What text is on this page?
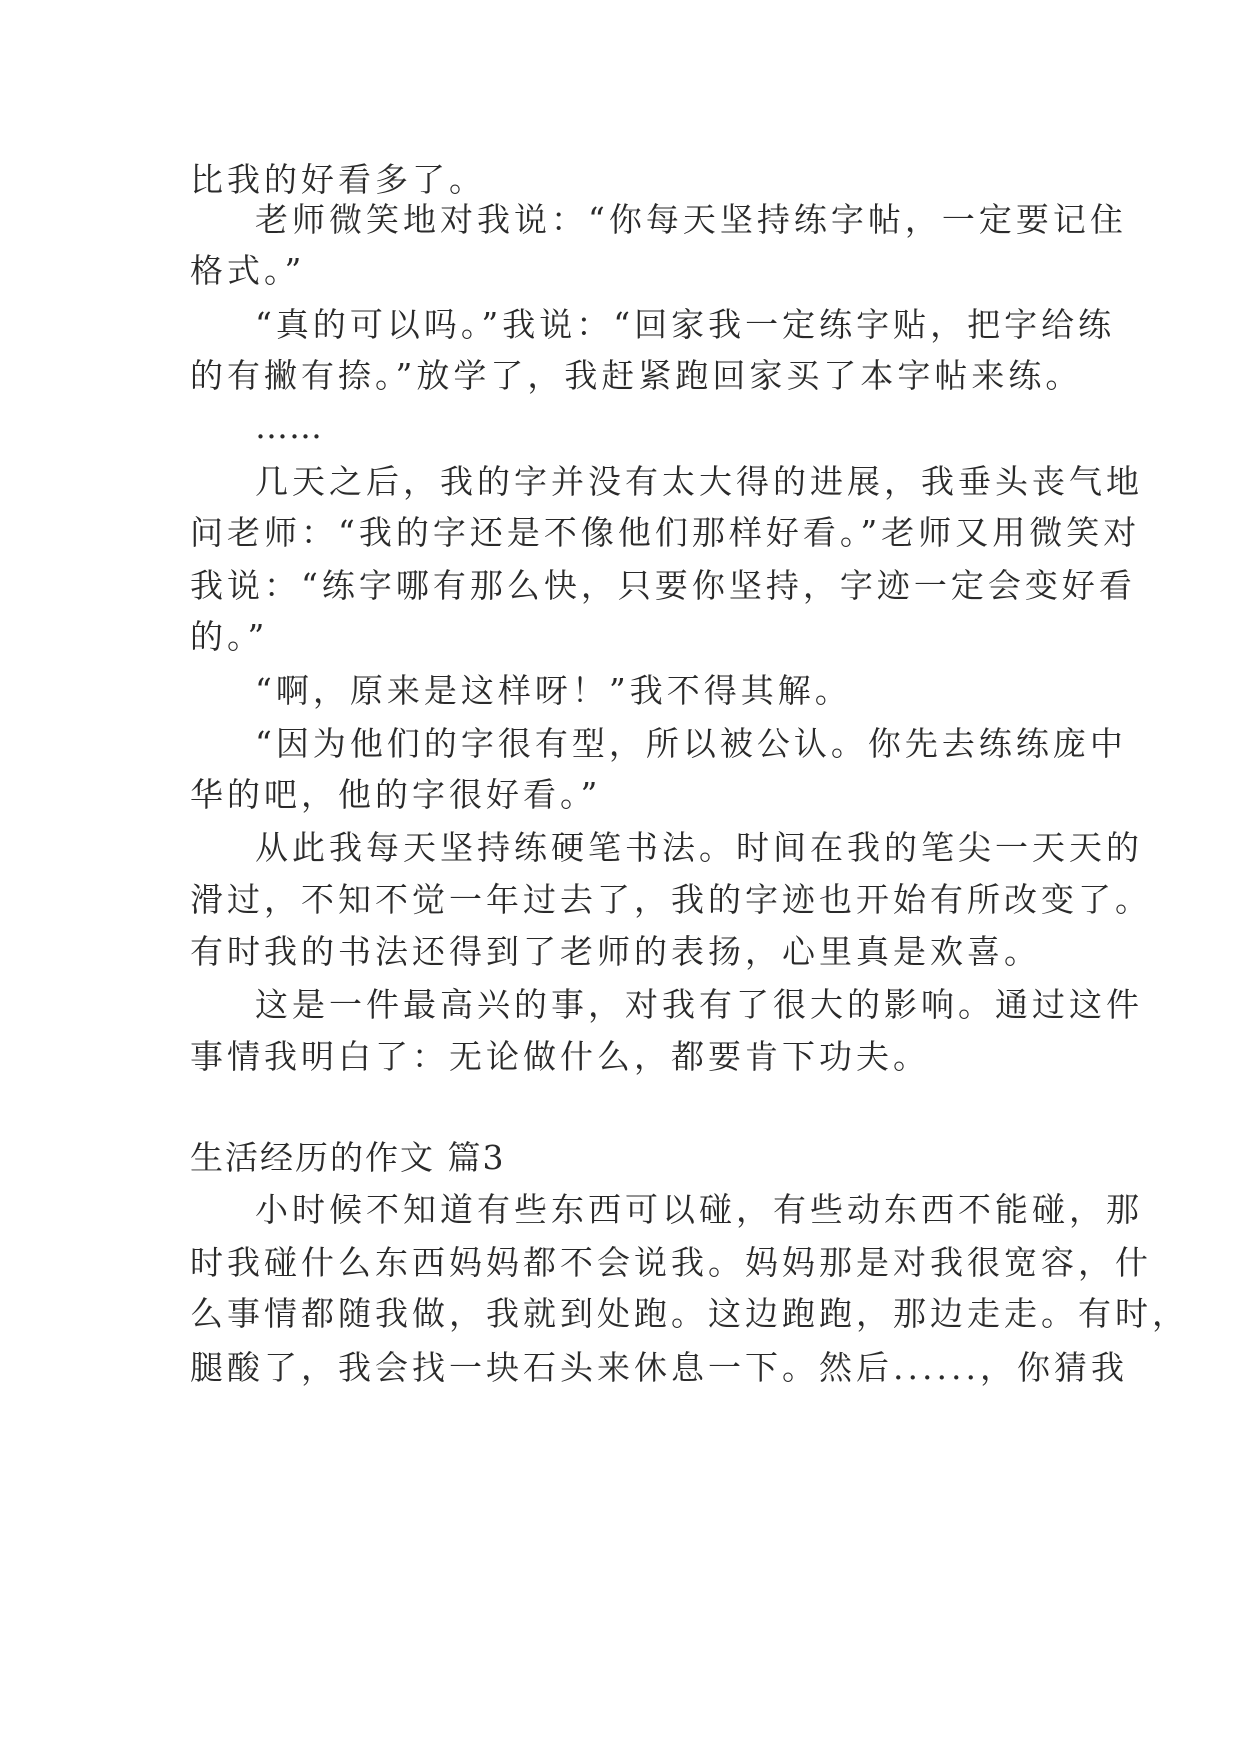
比我的好看多了。
老师微笑地对我说：“你每天坚持练字帖，一定要记住
格式。”
“真的可以吗。”我说：“回家我一定练字贴，把字给练
的有撇有捺。”放学了，我赶紧跑回家买了本字帖来练。
……
几天之后，我的字并没有太大得的进展，我垂头丧气地
问老师：“我的字还是不像他们那样好看。”老师又用微笑对
我说：“练字哪有那么快，只要你坚持，字迹一定会变好看
的。”
“啊，原来是这样呀！”我不得其解。
“因为他们的字很有型，所以被公认。你先去练练庞中
华的吧，他的字很好看。”
从此我每天坚持练硬笔书法。时间在我的笔尖一天天的
滑过，不知不觉一年过去了，我的字迹也开始有所改变了。
有时我的书法还得到了老师的表扬，心里真是欢喜。
这是一件最高兴的事，对我有了很大的影响。通过这件
事情我明白了：无论做什么，都要肯下功夫。
生活经历的作文 篇3
小时候不知道有些东西可以碰，有些动东西不能碰，那
时我碰什么东西妈妈都不会说我。妈妈那是对我很宽容，什
么事情都随我做，我就到处跑。这边跑跑，那边走走。有时，
腿酸了，我会找一块石头来休息一下。然后......，你猜我
